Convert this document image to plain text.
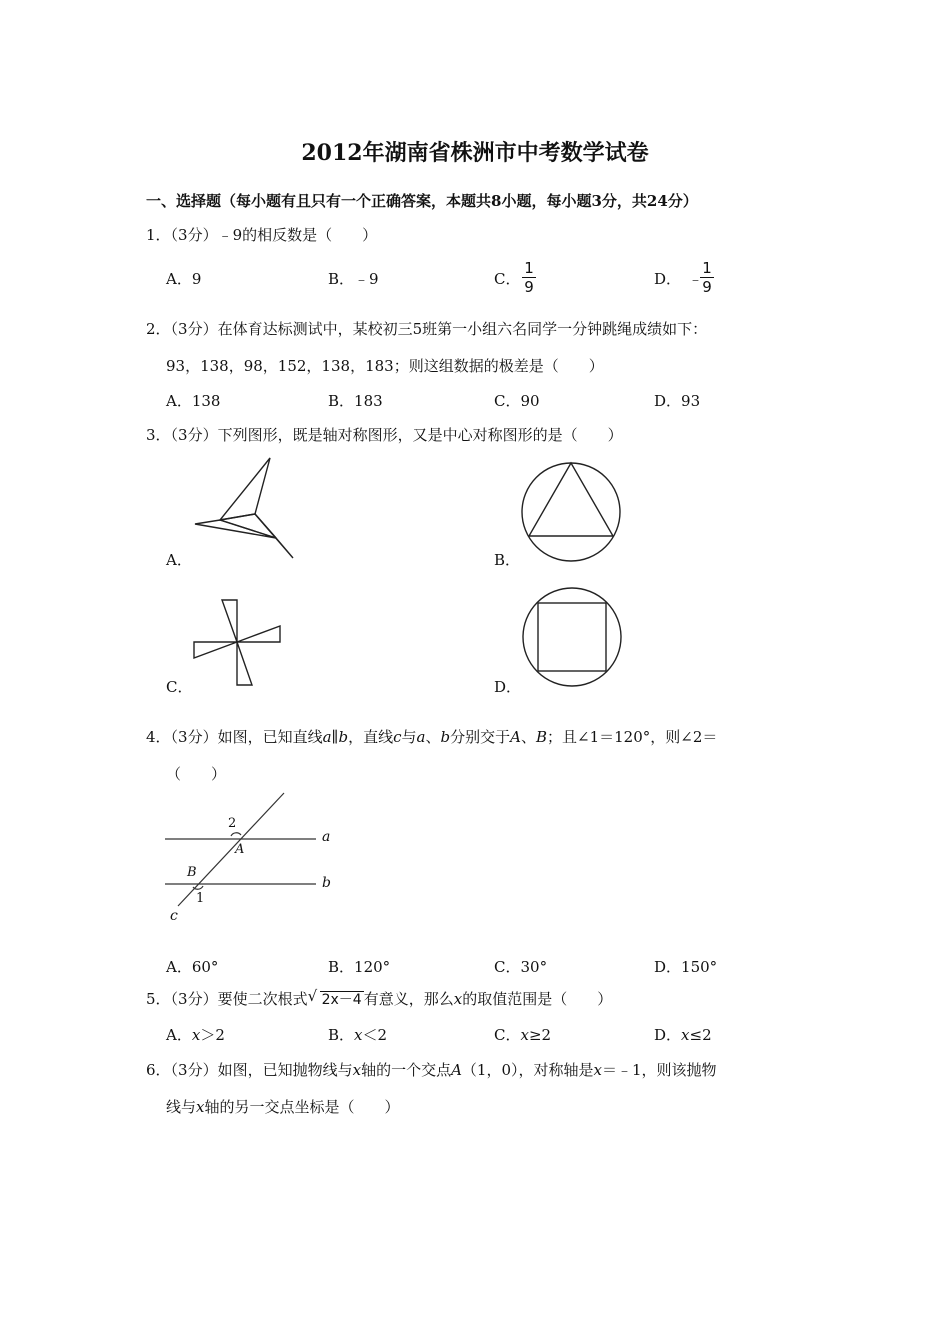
2012年湖南省株洲市中考数学试卷
一、选择题（每小题有且只有一个正确答案，本题共8小题，每小题3分，共24分）
1．（3分）﹣9的相反数是（　　）
A．9	B．﹣9	C．
1
9	D． ﹣
1
9
2．（3分）在体育达标测试中，某校初三5班第一小组六名同学一分钟跳绳成绩如下：
93，138，98，152，138，183；则这组数据的极差是（　　）
A．138	B．183	C．90	D．93
3．（3分）下列图形，既是轴对称图形，又是中心对称图形的是（　　）
A．	B．
C．	D．
4．（3分）如图，已知直线a∥b，直线c与a、b分别交于A、B；且∠1＝120°，则∠2＝
（　　）
2
A
a
B
b
1
c
A．60°	B．120°	C．30°	D．150°
5．（3分）要使二次根式 √ 2x－4 有意义，那么x的取值范围是（　　）
A．x＞2	B．x＜2	C．x≥2	D．x≤2
6．（3分）如图，已知抛物线与x轴的一个交点A（1，0），对称轴是x＝﹣1，则该抛物
线与x轴的另一交点坐标是（　　）
